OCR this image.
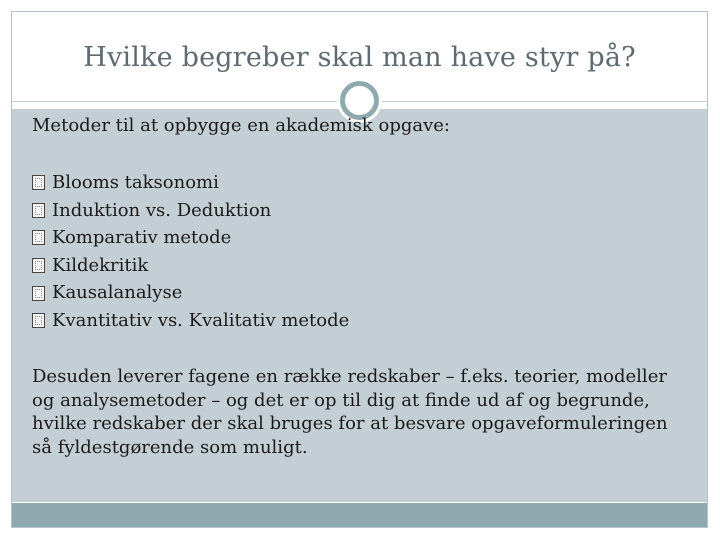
Hvilke begreber skal man have styr på?
Metoder til at opbygge en akademisk opgave:
Blooms taksonomi
Induktion vs. Deduktion
Komparativ metode
Kildekritik
Kausalanalyse
Kvantitativ vs. Kvalitativ metode

Desuden leverer fagene en række redskaber – f.eks. teorier, modeller og analysemetoder – og det er op til dig at finde ud af og begrunde, hvilke redskaber der skal bruges for at besvare opgaveformuleringen så fyldestgørende som muligt.
